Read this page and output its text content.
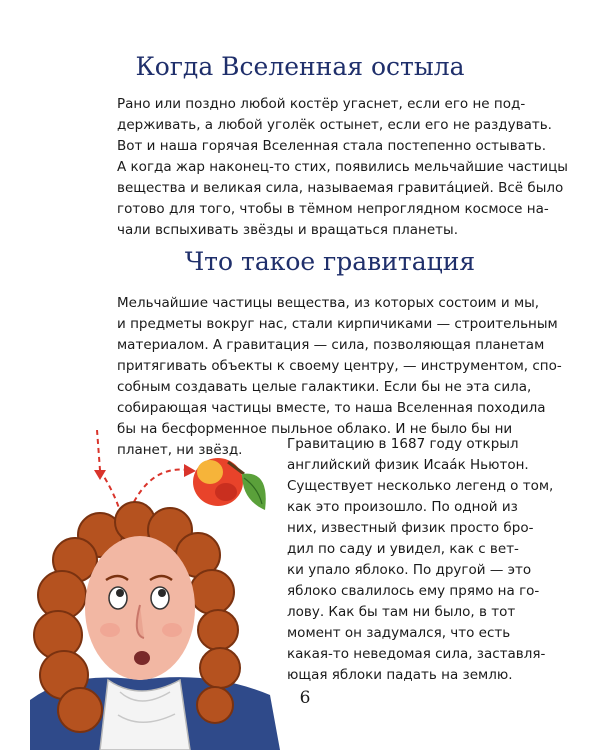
Когда Вселенная остыла
Рано или поздно любой костёр угаснет, если его не под-
держивать, а любой уголёк остынет, если его не раздувать.
Вот и наша горячая Вселенная стала постепенно остывать.
А когда жар наконец-то стих, появились мельчайшие частицы
вещества и великая сила, называемая гравитáцией. Всё было
готово для того, чтобы в тёмном непроглядном космосе на-
чали вспыхивать звёзды и вращаться планеты.
Что такое гравитация
Мельчайшие частицы вещества, из которых состоим и мы,
и предметы вокруг нас, стали кирпичиками — строительным
материалом. А гравитация — сила, позволяющая планетам
притягивать объекты к своему центру, — инструментом, спо-
собным создавать целые галактики. Если бы не эта сила,
собирающая частицы вместе, то наша Вселенная походила
бы на бесформенное пыльное облако. И не было бы ни
планет, ни звёзд.	Гравитацию в 1687 году открыл
английский физик Исаáк Ньютон.
Существует несколько легенд о том,
как это произошло. По одной из
них, известный физик просто бро-
дил по саду и увидел, как с вет-
ки упало яблоко. По другой — это
яблоко свалилось ему прямо на го-
лову. Как бы там ни было, в тот
момент он задумался, что есть
какая-то неведомая сила, заставля-
ющая яблоки падать на землю.
6
